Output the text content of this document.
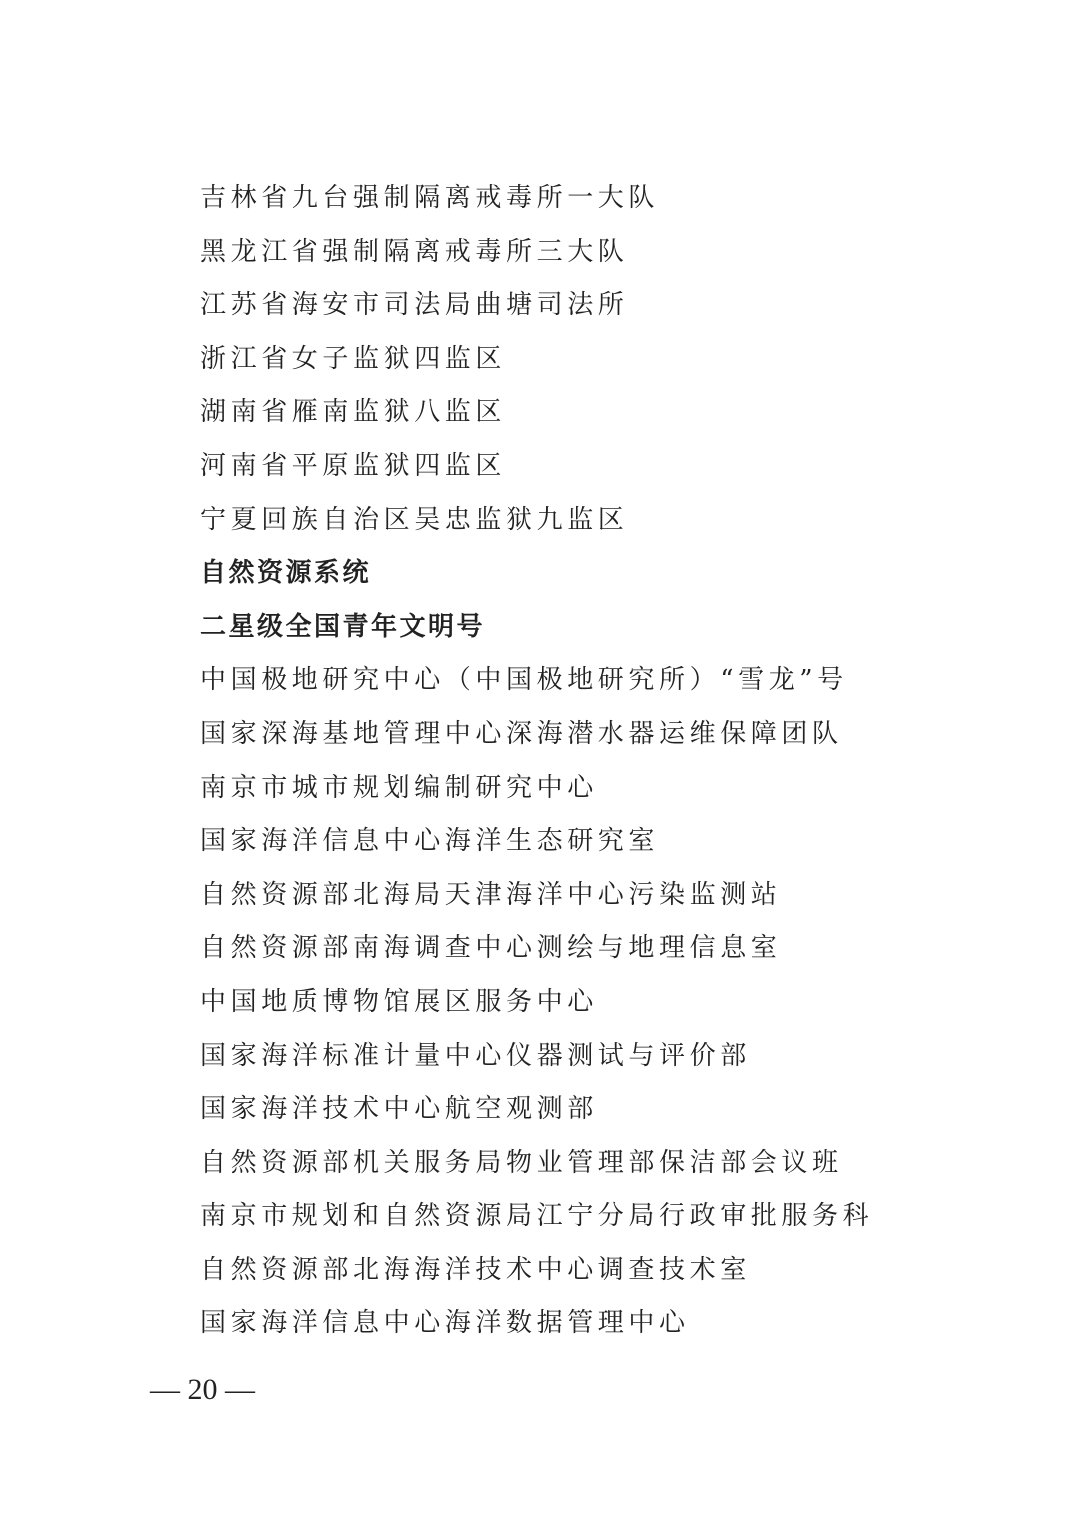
吉林省九台强制隔离戒毒所一大队
黑龙江省强制隔离戒毒所三大队
江苏省海安市司法局曲塘司法所
浙江省女子监狱四监区
湖南省雁南监狱八监区
河南省平原监狱四监区
宁夏回族自治区吴忠监狱九监区
自然资源系统
二星级全国青年文明号
中国极地研究中心（中国极地研究所）“雪龙”号
国家深海基地管理中心深海潜水器运维保障团队
南京市城市规划编制研究中心
国家海洋信息中心海洋生态研究室
自然资源部北海局天津海洋中心污染监测站
自然资源部南海调查中心测绘与地理信息室
中国地质博物馆展区服务中心
国家海洋标准计量中心仪器测试与评价部
国家海洋技术中心航空观测部
自然资源部机关服务局物业管理部保洁部会议班
南京市规划和自然资源局江宁分局行政审批服务科
自然资源部北海海洋技术中心调查技术室
国家海洋信息中心海洋数据管理中心
— 20 —
